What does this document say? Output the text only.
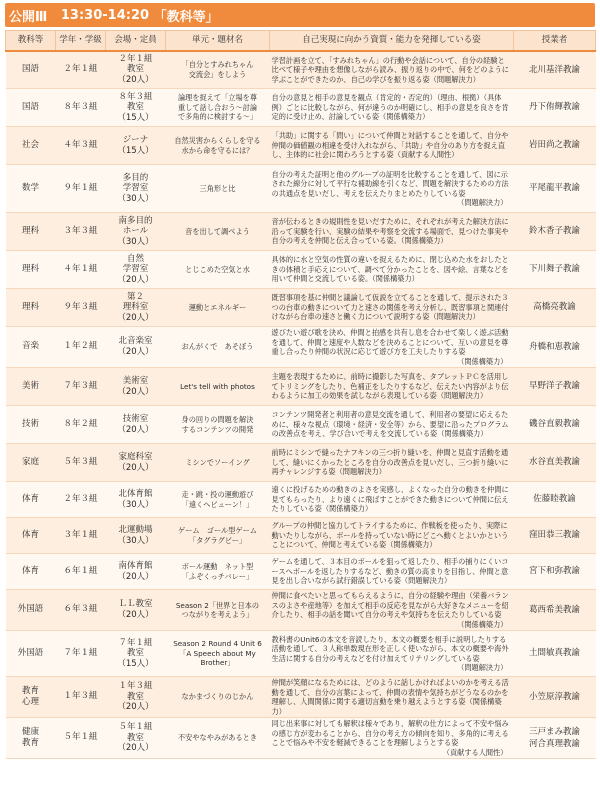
公開Ⅲ
13:30-14:20
「教科等」
教科等	学年・学級	会場・定員	単元・題材名	自己実現に向かう資質・能力を発揮している姿	授業者

国語	２年１組	２年１組
教室
（20人）	「自分とすみれちゃん
交流会」をしよう	学習計画を立て、「すみれちゃん」の行動や会話について、自分の経験と比べて様子や理由を想像しながら読み、振り返りの中で、何をどのように学ぶことができたのか、自己の学びを振り返る姿（問題解決力）	北川基洋教諭

国語	８年３組	８年３組
教室
（15人）	論理を捉えて「立場を尊
重して話し合おう～討論
で多角的に検討する～」	自分の意見と相手の意見を観点（肯定的・否定的）（理由、根拠）（具体例）ごとに比較しながら、何が違うのか明確にし、相手の意見を良さを肯定的に受け止め、討論している姿（関係構築力）	丹下侑輝教諭

社会	４年３組	ジーナ
（15人）	自然災害からくらしを守る
水から命を守るには？	「共助」に関する「問い」について仲間と対話することを通して、自分や仲間の価値観の相違を受け入れながら、「共助」や自分のあり方を捉え直し、主体的に社会に関わろうとする姿（貢献する人間性）	岩田尚之教諭

数学	９年１組	多目的
学習室
（30人）	三角形と比	自分の考えた証明と他のグループの証明を比較することを通して、図に示された線分に対して平行な補助線を引くなど、問題を解決するための方法の共通点を見いだし、考えを伝えたりまとめたりしている姿
（問題解決力）	平尾龍平教諭

理科	３年３組	南多目的
ホール
（30人）	音を出して調べよう	音が伝わるときの規則性を見いだすために、それぞれが考えた解決方法に沿って実験を行い、実験の結果や考察を交流する場面で、見つけた事実や自分の考えを仲間と伝え合っている姿。（関係構築力）	鈴木香子教諭

理科	４年１組	自然
学習室
（20人）	とじこめた空気と水	具体的に水と空気の性質の違いを捉えるために、閉じ込めた水をおしたときの体積と手応えについて、調べて分かったことを、図や絵、言葉などを用いて仲間と交流している姿。（関係構築力）	下川舞子教諭

理科	９年３組	第２
理科室
（20人）	運動とエネルギー	既習事項を基に仲間と議論して仮説を立てることを通して、提示された３つの台車の動きについて力と速さの関係を考え分析し、既習事項と関連付けながら台車の速さと働く力について説明する姿（問題解決力）	高橋亮教諭

音楽	１年２組	北音楽室
（20人）	おんがくで　あそぼう	遊びたい遊び歌を決め、仲間と拍感を共有し息を合わせて楽しく遊ぶ活動を通して、仲間と速度や人数などを決めることについて、互いの意見を尊重し合ったり仲間の状況に応じて遊び方を工夫したりする姿
（関係構築力）	舟橋和恵教諭

美術	７年３組	美術室
（20人）	Let's tell with photos	主題を表現するために、前時に撮影した写真を、タブレットＰＣを活用してトリミングをしたり、色補正をしたりするなど、伝えたい内容がより伝わるように加工の効果を試しながら表現している姿（問題解決力）	早野洋子教諭

技術	８年２組	技術室
（20人）	身の回りの問題を解決
するコンテンツの開発	コンテンツ開発者と利用者の意見交流を通して、利用者の要望に応えるために、様々な視点（環境・経済・安全等）から、要望に沿ったプログラムの改善点を考え、学び合いで考えを交流している姿（関係構築力）	磯谷直毅教諭

家庭	５年３組	家庭科室
（20人）	ミシンでソーイング	前時にミシンで縫ったナフキンの三つ折り縫いを、仲間と見直す活動を通して、縫いにくかったところを自分の改善点を見いだし、三つ折り縫いに再チャレンジする姿（問題解決力）	水谷直美教諭

体育	２年３組	北体育館
（30人）	走・跳・投の運動遊び
「遠くへビューン！」	遠くに投げるための動きのよさを実感し、よくなった自分の動きを仲間に見てもらったり、より遠くに飛ばすことができた動きについて仲間に伝えたりしている姿（関係構築力）	佐藤睦教諭

体育	３年１組	北運動場
（30人）	ゲーム　ゴール型ゲーム
「タグラグビー」	グループの仲間と協力してトライするために、作戦板を使ったり、実際に動いたりしながら、ボールを持っていない時にどこへ動くとよいかということについて、仲間と考えている姿（関係構築力）	窪田恭三教諭

体育	６年１組	南体育館
（20人）	ボール運動　ネット型
「ふぞくっチバレー」	ゲームを通して、３本目のボールを狙って返したり、相手の捕りにくいコースへボールを返したりするなど、動きの質の高まりを目指し、仲間と意見を出し合いながら試行錯誤している姿（問題解決力）	宮下和弥教諭

外国語	６年３組	ＬＬ教室
（20人）	Season 2「世界と日本の
つながりを考えよう」	仲間に食べたいと思ってもらえるように、自分の経験や理由（栄養バランスのよさや産地等）を加えて相手の反応を見ながら大好きなメニューを紹介したり、相手の話を聞いて自分の考えや気持ちを伝えたりしている姿
（関係構築力）	葛西希美教諭

外国語	７年１組	７年１組
教室
（15人）	Season 2 Round 4 Unit 6
「A Speech about My
Brother」	教科書のUnit6の本文を音読したり、本文の概要を相手に説明したりする活動を通して、３人称単数現在形を正しく使いながら、本文の概要や海外生活に関する自分の考えなどを付け加えてリテリングしている姿
（問題解決力）	土間敏真教諭

教育
心理	１年３組	１年３組
教室
（20人）	なかまづくりのじかん	仲間が笑顔になるためには、どのように話しかければよいのかを考える活動を通して、自分の言葉によって、仲間の表情や気持ちがどうなるのかを理解し、人間関係に関する適切言動を乗り越えようとする姿（関係構築力）	小笠原淳教諭

健康
教育	５年１組	５年１組
教室
（20人）	不安やなやみがあるとき	同じ出来事に対しても解釈は様々であり、解釈の仕方によって不安や悩みの感じ方が変わることから、自分の考え方の傾向を知り、多角的に考えることで悩みや不安を軽減できることを理解しようとする姿
（貢献する人間性）	三戸まみ教諭
河合真理教諭
